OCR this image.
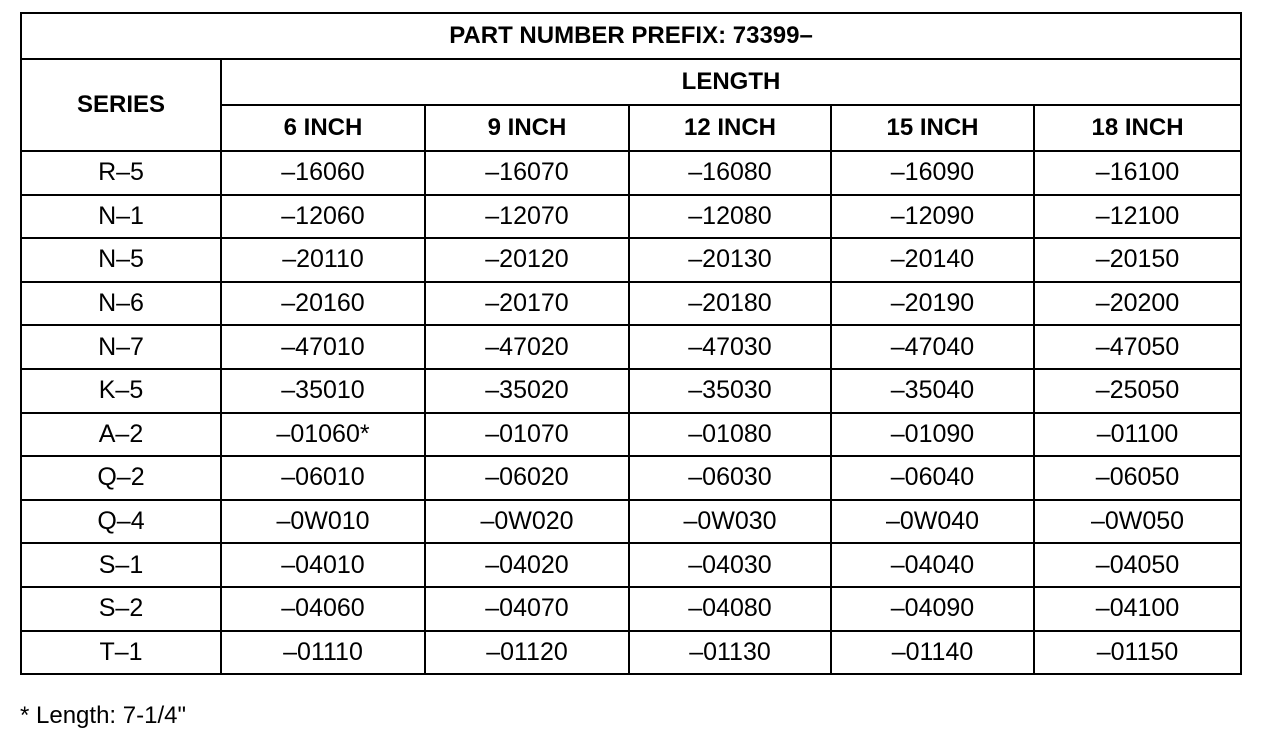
PART NUMBER PREFIX: 73399–					
SERIES	LENGTH				
	6 INCH	9 INCH	12 INCH	15 INCH	18 INCH
R–5	–16060	–16070	–16080	–16090	–16100
N–1	–12060	–12070	–12080	–12090	–12100
N–5	–20110	–20120	–20130	–20140	–20150
N–6	–20160	–20170	–20180	–20190	–20200
N–7	–47010	–47020	–47030	–47040	–47050
K–5	–35010	–35020	–35030	–35040	–25050
A–2	–01060*	–01070	–01080	–01090	–01100
Q–2	–06010	–06020	–06030	–06040	–06050
Q–4	–0W010	–0W020	–0W030	–0W040	–0W050
S–1	–04010	–04020	–04030	–04040	–04050
S–2	–04060	–04070	–04080	–04090	–04100
T–1	–01110	–01120	–01130	–01140	–01150
* Length: 7-1/4"
